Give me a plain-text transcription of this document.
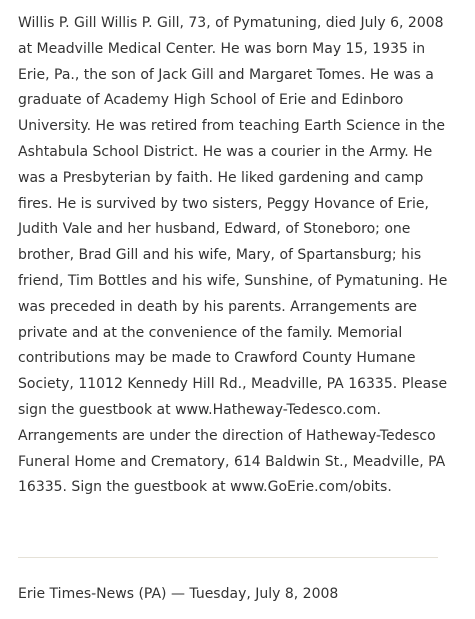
Willis P. Gill Willis P. Gill, 73, of Pymatuning, died July 6, 2008 at Meadville Medical Center. He was born May 15, 1935 in Erie, Pa., the son of Jack Gill and Margaret Tomes. He was a graduate of Academy High School of Erie and Edinboro University. He was retired from teaching Earth Science in the Ashtabula School District. He was a courier in the Army. He was a Presbyterian by faith. He liked gardening and camp fires. He is survived by two sisters, Peggy Hovance of Erie, Judith Vale and her husband, Edward, of Stoneboro; one brother, Brad Gill and his wife, Mary, of Spartansburg; his friend, Tim Bottles and his wife, Sunshine, of Pymatuning. He was preceded in death by his parents. Arrangements are private and at the convenience of the family. Memorial contributions may be made to Crawford County Humane Society, 11012 Kennedy Hill Rd., Meadville, PA 16335. Please sign the guestbook at www.Hatheway-Tedesco.com. Arrangements are under the direction of Hatheway-Tedesco Funeral Home and Crematory, 614 Baldwin St., Meadville, PA 16335. Sign the guestbook at www.GoErie.com/obits.

Erie Times-News (PA) — Tuesday, July 8, 2008
